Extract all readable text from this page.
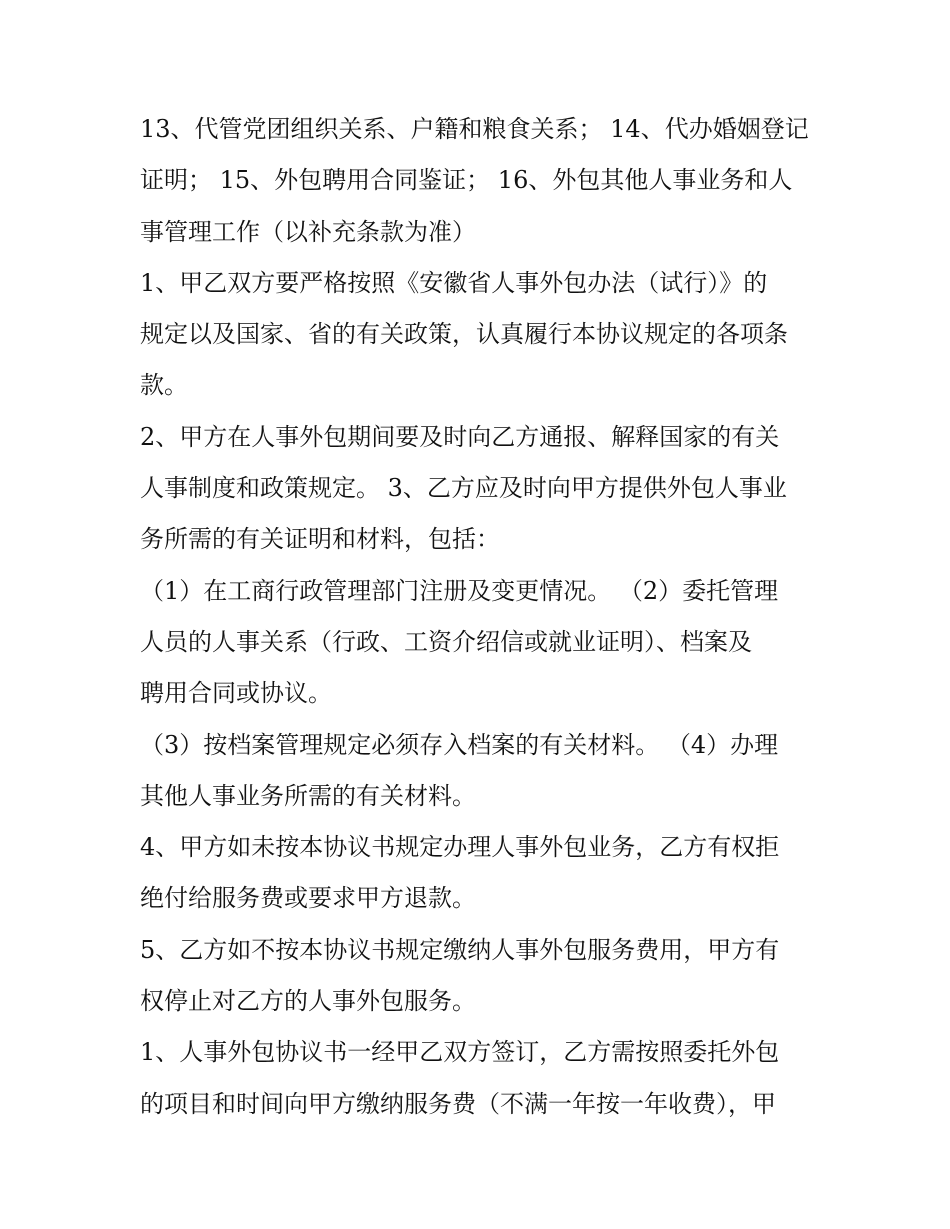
13、代管党团组织关系、户籍和粮食关系； 14、代办婚姻登记
证明； 15、外包聘用合同鉴证； 16、外包其他人事业务和人
事管理工作（以补充条款为准）

1、甲乙双方要严格按照《安徽省人事外包办法（试行）》的
规定以及国家、省的有关政策，认真履行本协议规定的各项条
款。

2、甲方在人事外包期间要及时向乙方通报、解释国家的有关
人事制度和政策规定。 3、乙方应及时向甲方提供外包人事业
务所需的有关证明和材料，包括：

（1）在工商行政管理部门注册及变更情况。 （2）委托管理
人员的人事关系（行政、工资介绍信或就业证明）、档案及
聘用合同或协议。

（3）按档案管理规定必须存入档案的有关材料。 （4）办理
其他人事业务所需的有关材料。

4、甲方如未按本协议书规定办理人事外包业务，乙方有权拒
绝付给服务费或要求甲方退款。

5、乙方如不按本协议书规定缴纳人事外包服务费用，甲方有
权停止对乙方的人事外包服务。

1、人事外包协议书一经甲乙双方签订，乙方需按照委托外包
的项目和时间向甲方缴纳服务费（不满一年按一年收费），甲
